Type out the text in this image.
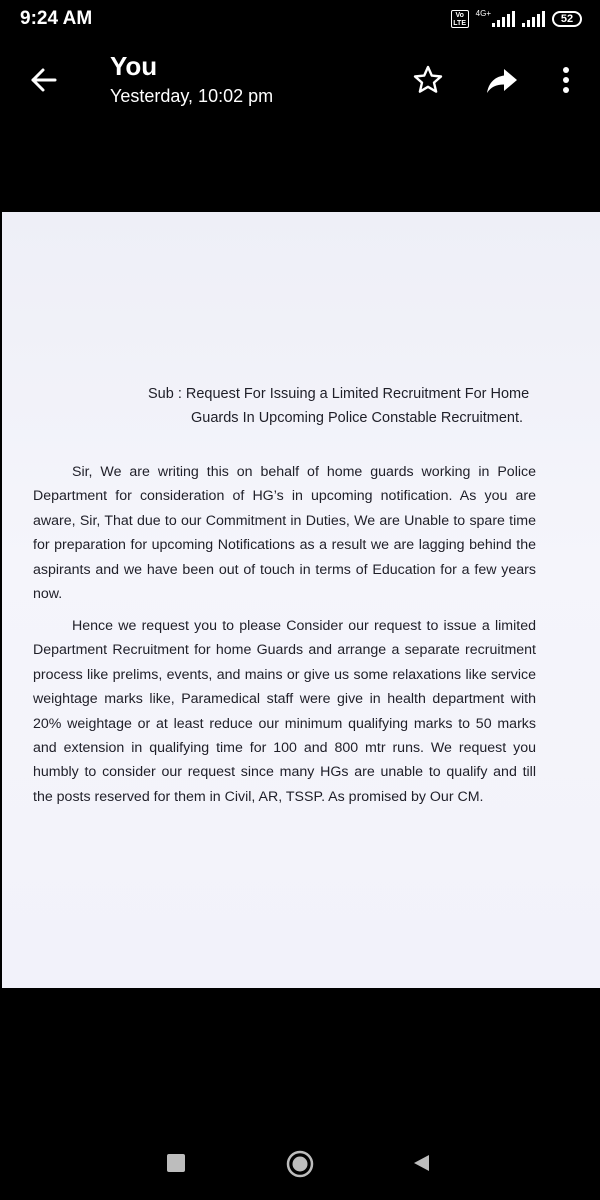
9:24 AM	Vo
LTE
4G+	52
You
Yesterday, 10:02 pm
Sub : Request For Issuing a Limited Recruitment For Home
Guards In Upcoming Police Constable Recruitment.

Sir, We are writing this on behalf of home guards working in Police Department for consideration of HG’s in upcoming notification. As you are aware, Sir, That due to our Commitment in Duties, We are Unable to spare time for preparation for upcoming Notifications as a result we are lagging behind the aspirants and we have been out of touch in terms of Education for a few years now.

Hence we request you to please Consider our request to issue a limited Department Recruitment for home Guards and arrange a separate recruitment process like prelims, events, and mains or give us some relaxations like service weightage marks like, Paramedical staff were give in health department with 20% weightage or at least reduce our minimum qualifying marks to 50 marks and extension in qualifying time for 100 and 800 mtr runs. We request you humbly to consider our request since many HGs are unable to qualify and till the posts reserved for them in Civil, AR, TSSP. As promised by Our CM.
